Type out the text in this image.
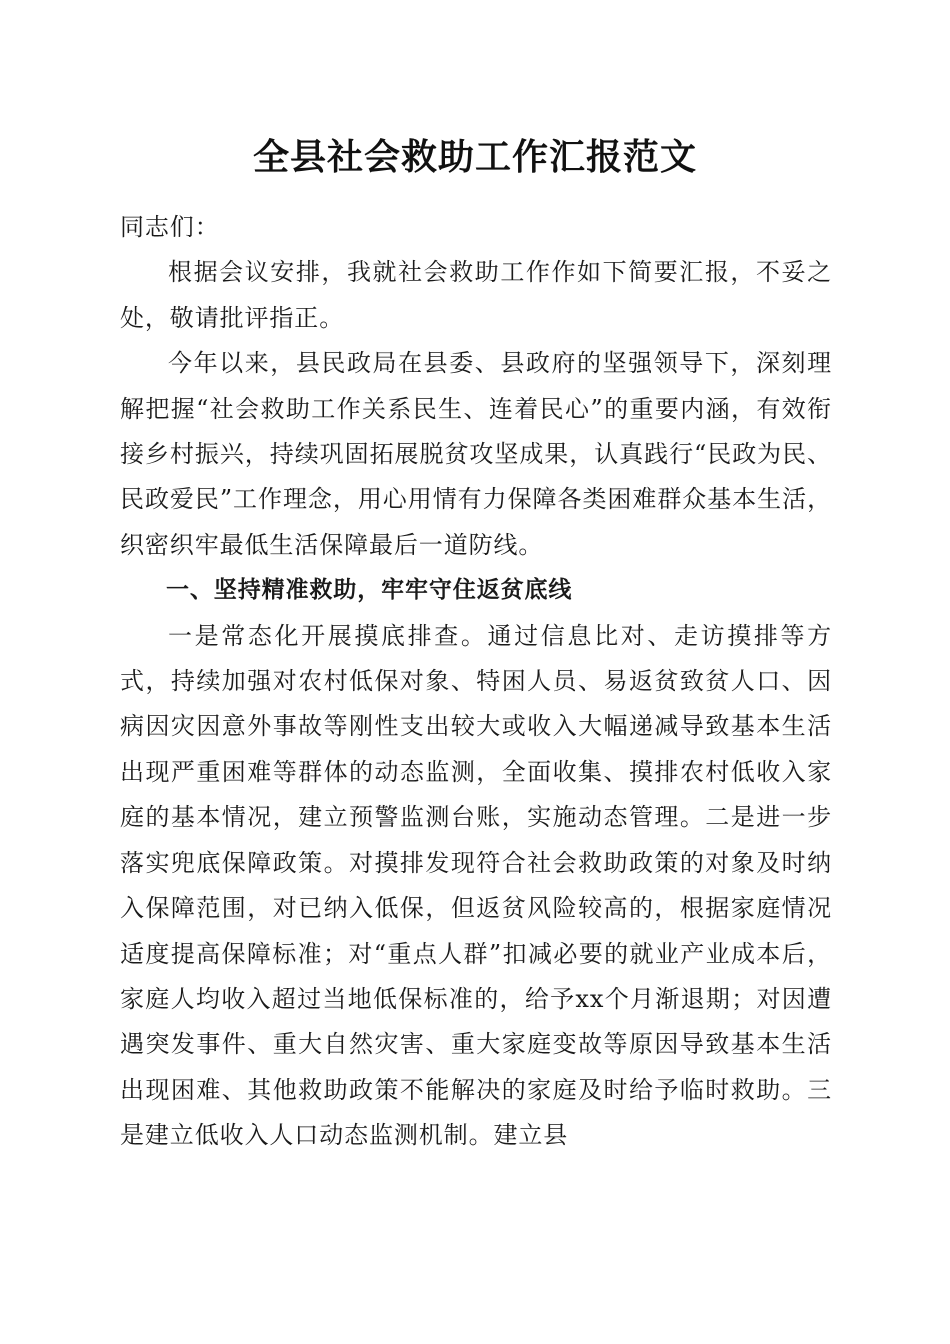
全县社会救助工作汇报范文

同志们：

根据会议安排，我就社会救助工作作如下简要汇报，不妥之处，敬请批评指正。

今年以来，县民政局在县委、县政府的坚强领导下，深刻理解把握“社会救助工作关系民生、连着民心”的重要内涵，有效衔接乡村振兴，持续巩固拓展脱贫攻坚成果，认真践行“民政为民、民政爱民”工作理念，用心用情有力保障各类困难群众基本生活，织密织牢最低生活保障最后一道防线。

一、坚持精准救助，牢牢守住返贫底线

一是常态化开展摸底排查。通过信息比对、走访摸排等方式，持续加强对农村低保对象、特困人员、易返贫致贫人口、因病因灾因意外事故等刚性支出较大或收入大幅递减导致基本生活出现严重困难等群体的动态监测，全面收集、摸排农村低收入家庭的基本情况，建立预警监测台账，实施动态管理。二是进一步落实兜底保障政策。对摸排发现符合社会救助政策的对象及时纳入保障范围，对已纳入低保，但返贫风险较高的，根据家庭情况适度提高保障标准；对“重点人群”扣减必要的就业产业成本后，家庭人均收入超过当地低保标准的，给予xx个月渐退期；对因遭遇突发事件、重大自然灾害、重大家庭变故等原因导致基本生活出现困难、其他救助政策不能解决的家庭及时给予临时救助。三是建立低收入人口动态监测机制。建立县
